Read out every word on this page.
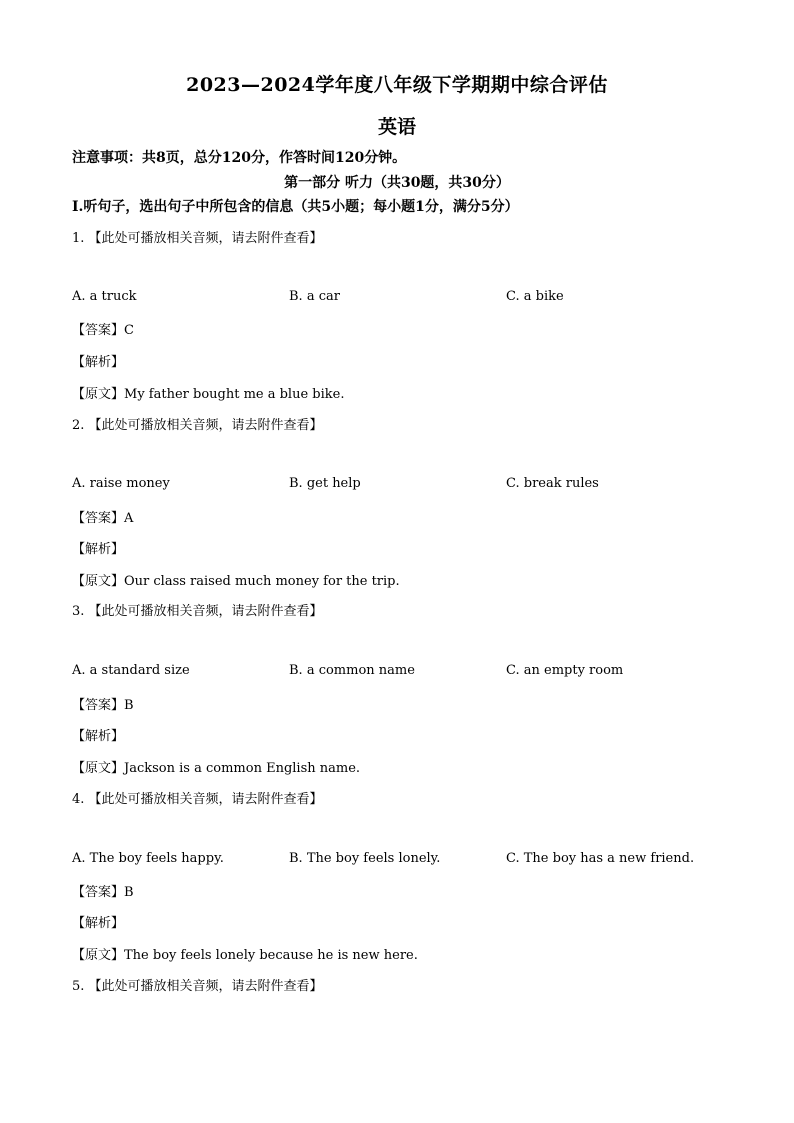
2023—2024学年度八年级下学期期中综合评估
英语
注意事项：共8页，总分120分，作答时间120分钟。
第一部分 听力（共30题，共30分）
I.听句子，选出句子中所包含的信息（共5小题；每小题1分，满分5分）
1. 【此处可播放相关音频，请去附件查看】
A. a truck	B. a car	C. a bike
【答案】C
【解析】
【原文】My father bought me a blue bike.
2. 【此处可播放相关音频，请去附件查看】
A. raise money	B. get help	C. break rules
【答案】A
【解析】
【原文】Our class raised much money for the trip.
3. 【此处可播放相关音频，请去附件查看】
A. a standard size	B. a common name	C. an empty room
【答案】B
【解析】
【原文】Jackson is a common English name.
4. 【此处可播放相关音频，请去附件查看】
A. The boy feels happy.	B. The boy feels lonely.	C. The boy has a new friend.
【答案】B
【解析】
【原文】The boy feels lonely because he is new here.
5. 【此处可播放相关音频，请去附件查看】
